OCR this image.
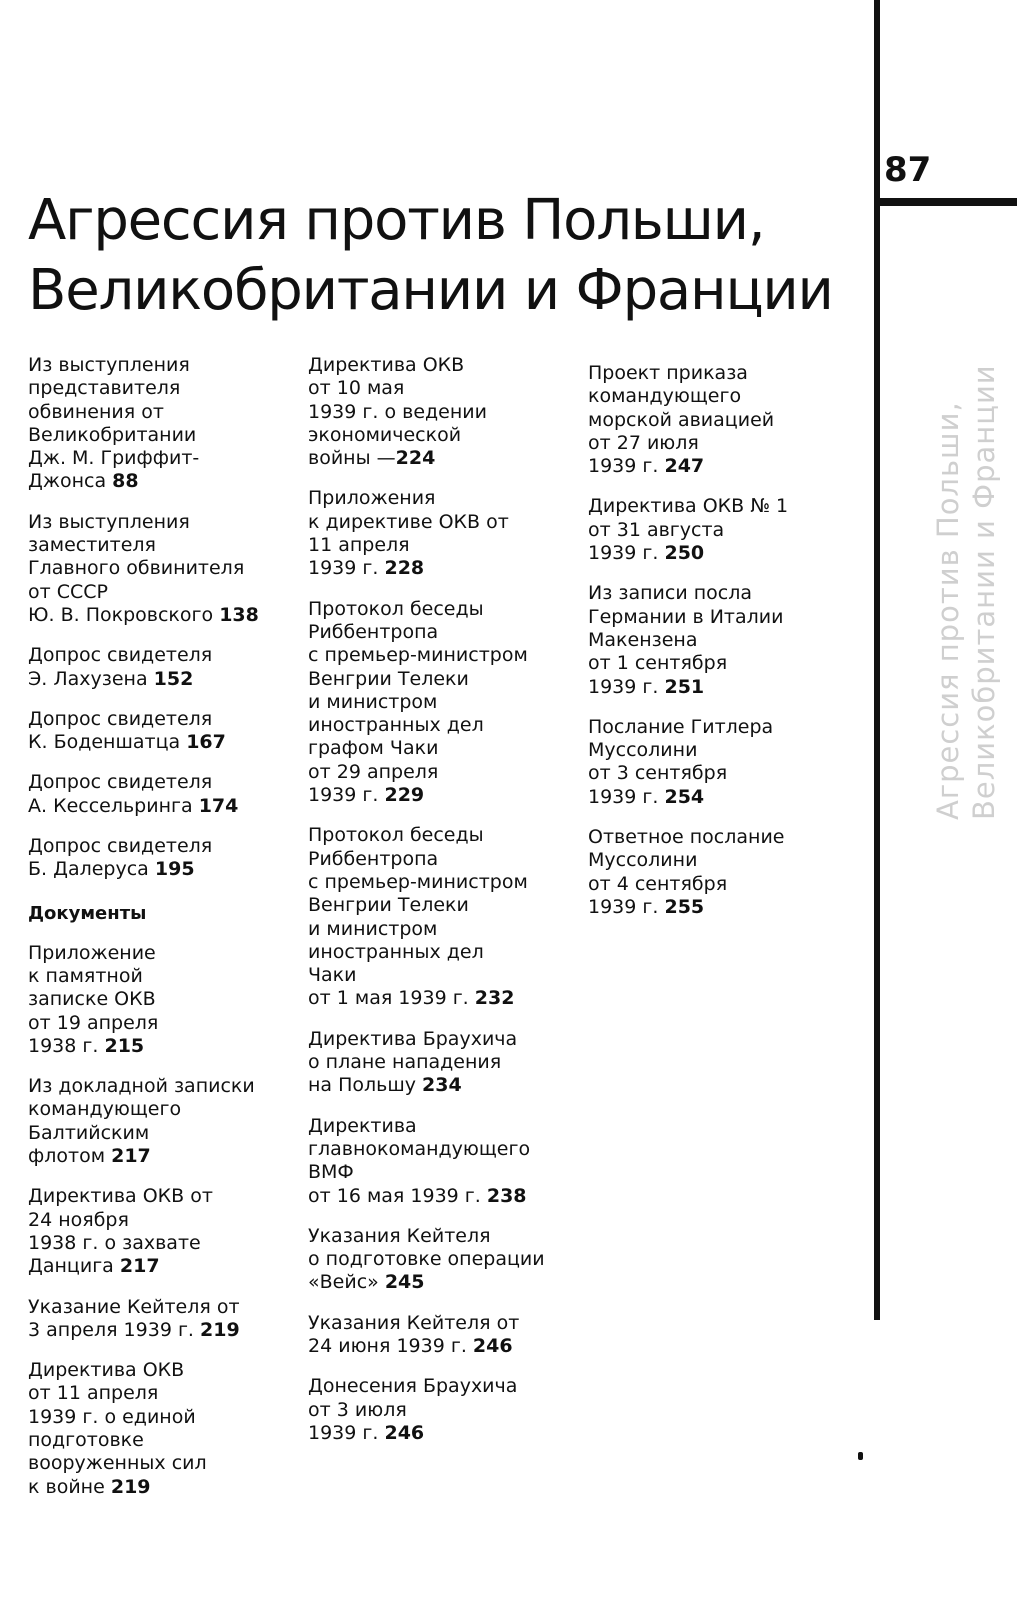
Агрессия против Польши,
Великобритании и Франции
87
Агрессия против Польши, Великобритании и Франции
Из выступления
представителя
обвинения от
Великобритании
Дж. М. Гриффит-
Джонса 88
Из выступления
заместителя
Главного обвинителя
от СССР
Ю. В. Покровского 138
Допрос свидетеля
Э. Лахузена 152
Допрос свидетеля
К. Боденшатца 167
Допрос свидетеля
А. Кессельринга 174
Допрос свидетеля
Б. Далеруса 195
Документы
Приложение
к памятной
записке ОКВ
от 19 апреля
1938 г. 215
Из докладной записки
командующего
Балтийским
флотом 217
Директива ОКВ от
24 ноября
1938 г. о захвате
Данцига 217
Указание Кейтеля от
3 апреля 1939 г. 219
Директива ОКВ
от 11 апреля
1939 г. о единой
подготовке
вооруженных сил
к войне 219
Директива ОКВ
от 10 мая
1939 г. о ведении
экономической
войны —224
Приложения
к директиве ОКВ от
11 апреля
1939 г. 228
Протокол беседы
Риббентропа
с премьер-министром
Венгрии Телеки
и министром
иностранных дел
графом Чаки
от 29 апреля
1939 г. 229
Протокол беседы
Риббентропа
с премьер-министром
Венгрии Телеки
и министром
иностранных дел
Чаки
от 1 мая 1939 г. 232
Директива Браухича
о плане нападения
на Польшу 234
Директива
главнокомандующего
ВМФ
от 16 мая 1939 г. 238
Указания Кейтеля
о подготовке операции
«Вейс» 245
Указания Кейтеля от
24 июня 1939 г. 246
Донесения Браухича
от 3 июля
1939 г. 246
Проект приказа
командующего
морской авиацией
от 27 июля
1939 г. 247
Директива ОКВ № 1
от 31 августа
1939 г. 250
Из записи посла
Германии в Италии
Макензена
от 1 сентября
1939 г. 251
Послание Гитлера
Муссолини
от 3 сентября
1939 г. 254
Ответное послание
Муссолини
от 4 сентября
1939 г. 255
